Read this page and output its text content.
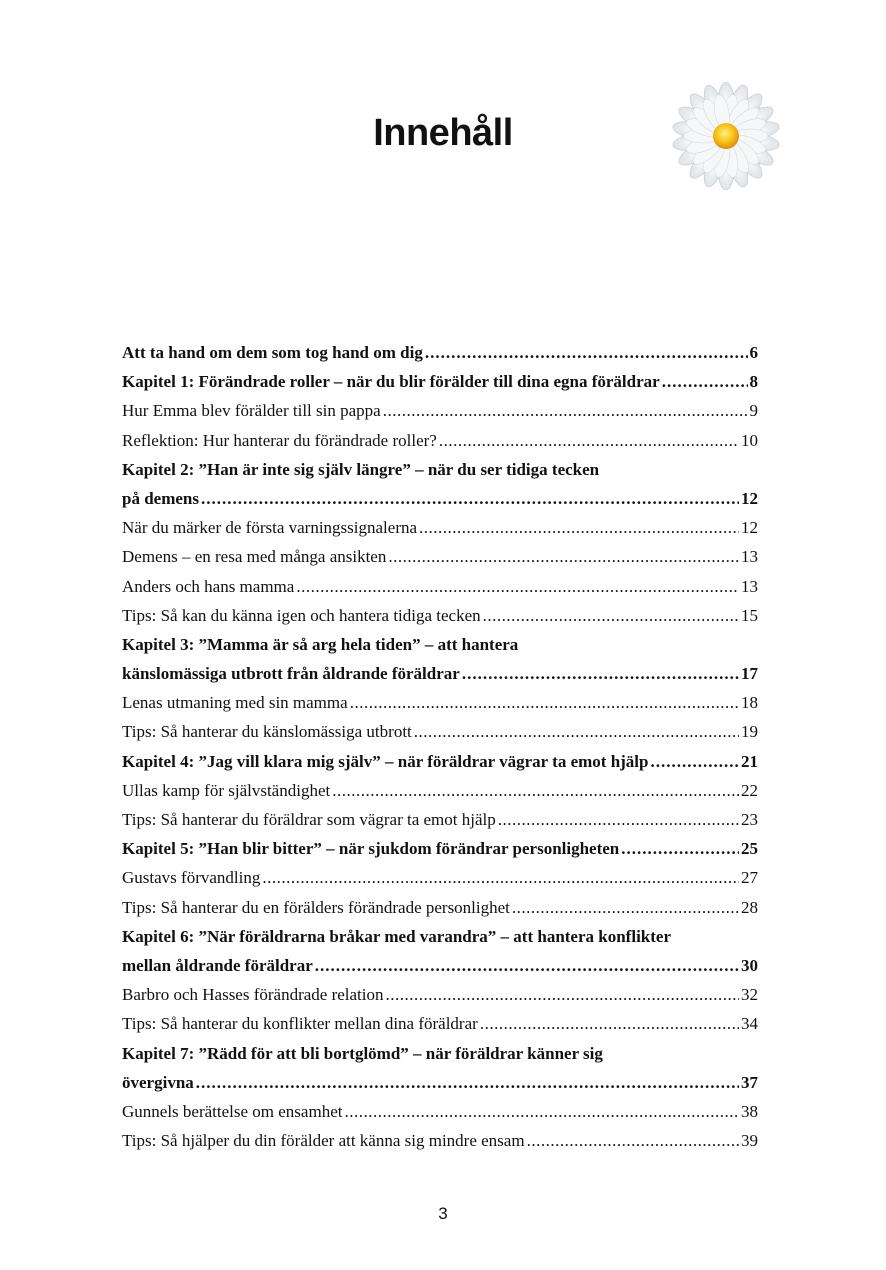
Innehåll
Att ta hand om dem som tog hand om dig .....	6
Kapitel 1: Förändrade roller – när du blir förälder till dina egna föräldrar .....	8
Hur Emma blev förälder till sin pappa .....	9
Reflektion: Hur hanterar du förändrade roller? .....	10
Kapitel 2: ”Han är inte sig själv längre” – när du ser tidiga tecken
på demens .....	12
När du märker de första varningssignalerna .....	12
Demens – en resa med många ansikten .....	13
Anders och hans mamma .....	13
Tips: Så kan du känna igen och hantera tidiga tecken .....	15
Kapitel 3: ”Mamma är så arg hela tiden” – att hantera
känslomässiga utbrott från åldrande föräldrar .....	17
Lenas utmaning med sin mamma .....	18
Tips: Så hanterar du känslomässiga utbrott .....	19
Kapitel 4: ”Jag vill klara mig själv” – när föräldrar vägrar ta emot hjälp .....	21
Ullas kamp för självständighet .....	22
Tips: Så hanterar du föräldrar som vägrar ta emot hjälp .....	23
Kapitel 5: ”Han blir bitter” – när sjukdom förändrar personligheten .....	25
Gustavs förvandling .....	27
Tips: Så hanterar du en förälders förändrade personlighet .....	28
Kapitel 6: ”När föräldrarna bråkar med varandra” – att hantera konflikter
mellan åldrande föräldrar .....	30
Barbro och Hasses förändrade relation .....	32
Tips: Så hanterar du konflikter mellan dina föräldrar .....	34
Kapitel 7: ”Rädd för att bli bortglömd” – när föräldrar känner sig
övergivna .....	37
Gunnels berättelse om ensamhet .....	38
Tips: Så hjälper du din förälder att känna sig mindre ensam .....	39
3
